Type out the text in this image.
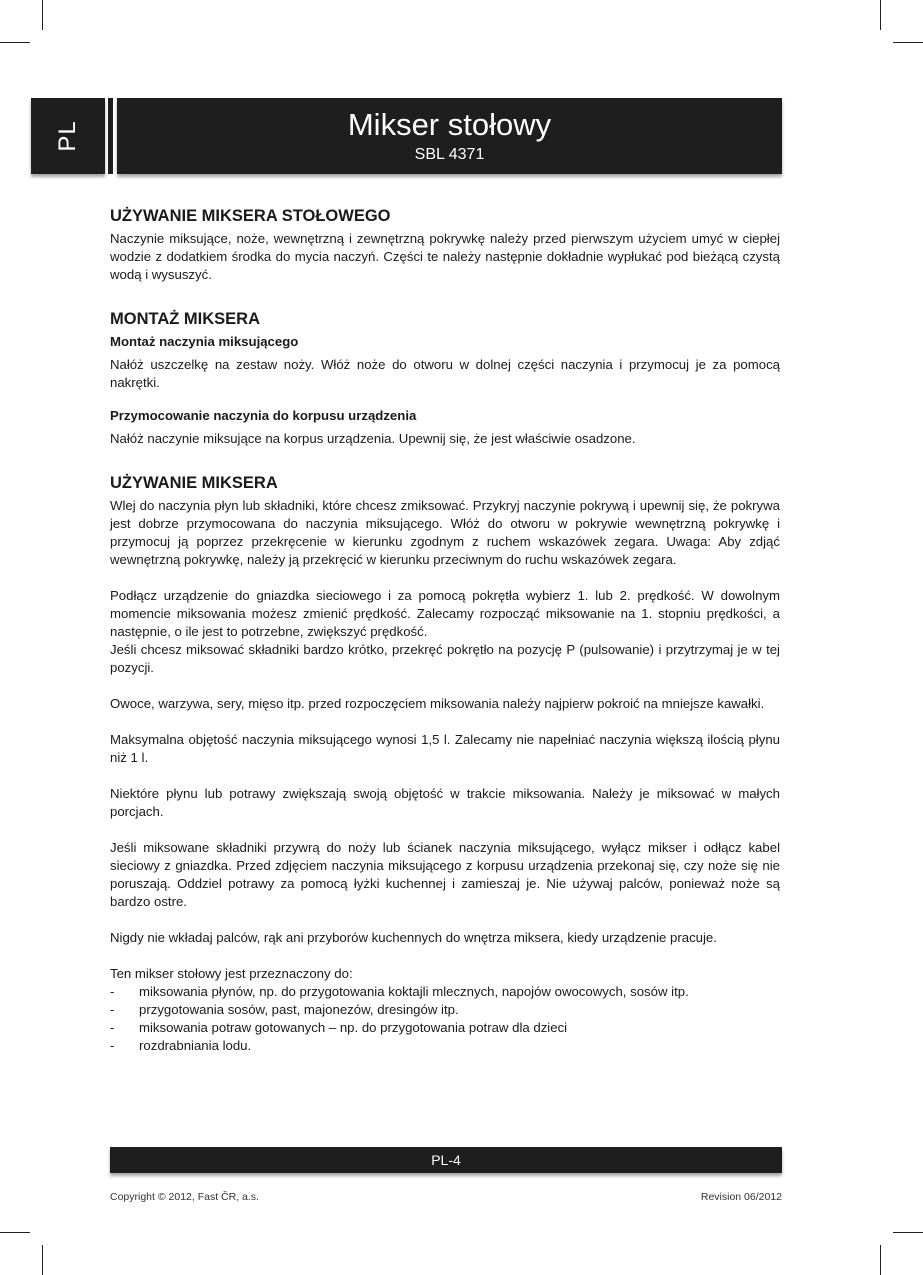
PL	Mikser stołowy
SBL 4371
UŻYWANIE MIKSERA STOŁOWEGO

Naczynie miksujące, noże, wewnętrzną i zewnętrzną pokrywkę należy przed pierwszym użyciem umyć w ciepłej wodzie z dodatkiem środka do mycia naczyń. Części te należy następnie dokładnie wypłukać pod bieżącą czystą wodą i wysuszyć.

MONTAŻ MIKSERA
Montaż naczynia miksującego

Nałóż uszczelkę na zestaw noży. Włóż noże do otworu w dolnej części naczynia i przymocuj je za pomocą nakrętki.

Przymocowanie naczynia do korpusu urządzenia

Nałóż naczynie miksujące na korpus urządzenia. Upewnij się, że jest właściwie osadzone.

UŻYWANIE MIKSERA

Wlej do naczynia płyn lub składniki, które chcesz zmiksować. Przykryj naczynie pokrywą i upewnij się, że pokrywa jest dobrze przymocowana do naczynia miksującego. Włóż do otworu w pokrywie wewnętrzną pokrywkę i przymocuj ją poprzez przekręcenie w kierunku zgodnym z ruchem wskazówek zegara. Uwaga: Aby zdjąć wewnętrzną pokrywkę, należy ją przekręcić w kierunku przeciwnym do ruchu wskazówek zegara.

Podłącz urządzenie do gniazdka sieciowego i za pomocą pokrętła wybierz 1. lub 2. prędkość. W dowolnym momencie miksowania możesz zmienić prędkość. Zalecamy rozpocząć miksowanie na 1. stopniu prędkości, a następnie, o ile jest to potrzebne, zwiększyć prędkość.

Jeśli chcesz miksować składniki bardzo krótko, przekręć pokrętło na pozycję P (pulsowanie) i przytrzymaj je w tej pozycji.

Owoce, warzywa, sery, mięso itp. przed rozpoczęciem miksowania należy najpierw pokroić na mniejsze kawałki.

Maksymalna objętość naczynia miksującego wynosi 1,5 l. Zalecamy nie napełniać naczynia większą ilością płynu niż 1 l.

Niektóre płynu lub potrawy zwiększają swoją objętość w trakcie miksowania. Należy je miksować w małych porcjach.

Jeśli miksowane składniki przywrą do noży lub ścianek naczynia miksującego, wyłącz mikser i odłącz kabel sieciowy z gniazdka. Przed zdjęciem naczynia miksującego z korpusu urządzenia przekonaj się, czy noże się nie poruszają. Oddziel potrawy za pomocą łyżki kuchennej i zamieszaj je. Nie używaj palców, ponieważ noże są bardzo ostre.

Nigdy nie wkładaj palców, rąk ani przyborów kuchennych do wnętrza miksera, kiedy urządzenie pracuje.

Ten mikser stołowy jest przeznaczony do:

- miksowania płynów, np. do przygotowania koktajli mlecznych, napojów owocowych, sosów itp.
- przygotowania sosów, past, majonezów, dresingów itp.
- miksowania potraw gotowanych – np. do przygotowania potraw dla dzieci
- rozdrabniania lodu.
PL-4
Copyright © 2012, Fast ČR, a.s.	Revision 06/2012
